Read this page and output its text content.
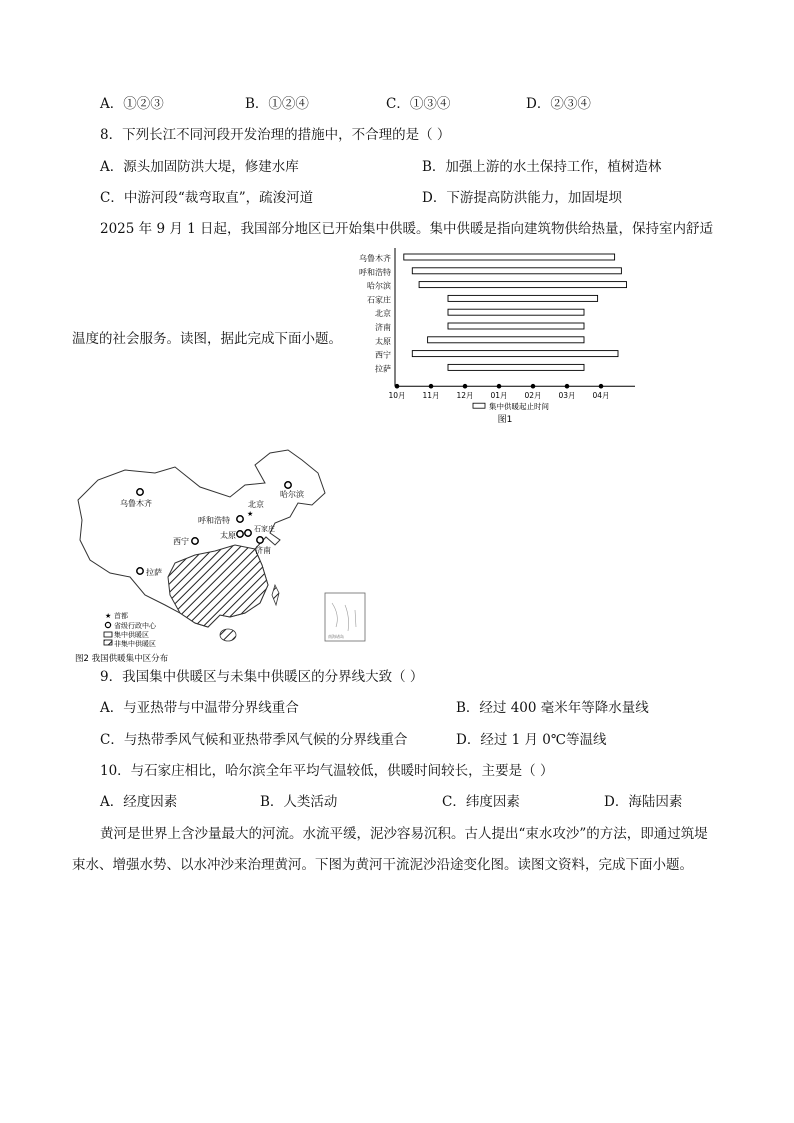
A．①②③	B．①②④	C．①③④	D．②③④
8．下列长江不同河段开发治理的措施中，不合理的是（ ）
A．源头加固防洪大堤，修建水库	B．加强上游的水土保持工作，植树造林
C．中游河段“裁弯取直”，疏浚河道	D．下游提高防洪能力，加固堤坝
2025 年 9 月 1 日起，我国部分地区已开始集中供暖。集中供暖是指向建筑物供给热量，保持室内舒适
温度的社会服务。读图，据此完成下面小题。
乌鲁木齐
呼和浩特
哈尔滨
石家庄
北京
济南
太原
西宁
拉萨
10月 11月 12月 01月 02月 03月 04月
集中供暖起止时间
图1
乌鲁木齐
呼和浩特
★
北京
哈尔滨
石家庄
太原
西宁
济南
拉萨
★ 首都
省级行政中心
集中供暖区
非集中供暖区
南海诸岛
图2 我国供暖集中区分布
9．我国集中供暖区与未集中供暖区的分界线大致（ ）
A．与亚热带与中温带分界线重合	B．经过 400 毫米年等降水量线
C．与热带季风气候和亚热带季风气候的分界线重合	D．经过 1 月 0℃等温线
10．与石家庄相比，哈尔滨全年平均气温较低，供暖时间较长，主要是（ ）
A．经度因素	B．人类活动	C．纬度因素	D．海陆因素
黄河是世界上含沙量最大的河流。水流平缓，泥沙容易沉积。古人提出“束水攻沙”的方法，即通过筑堤
束水、增强水势、以水冲沙来治理黄河。下图为黄河干流泥沙沿途变化图。读图文资料，完成下面小题。
